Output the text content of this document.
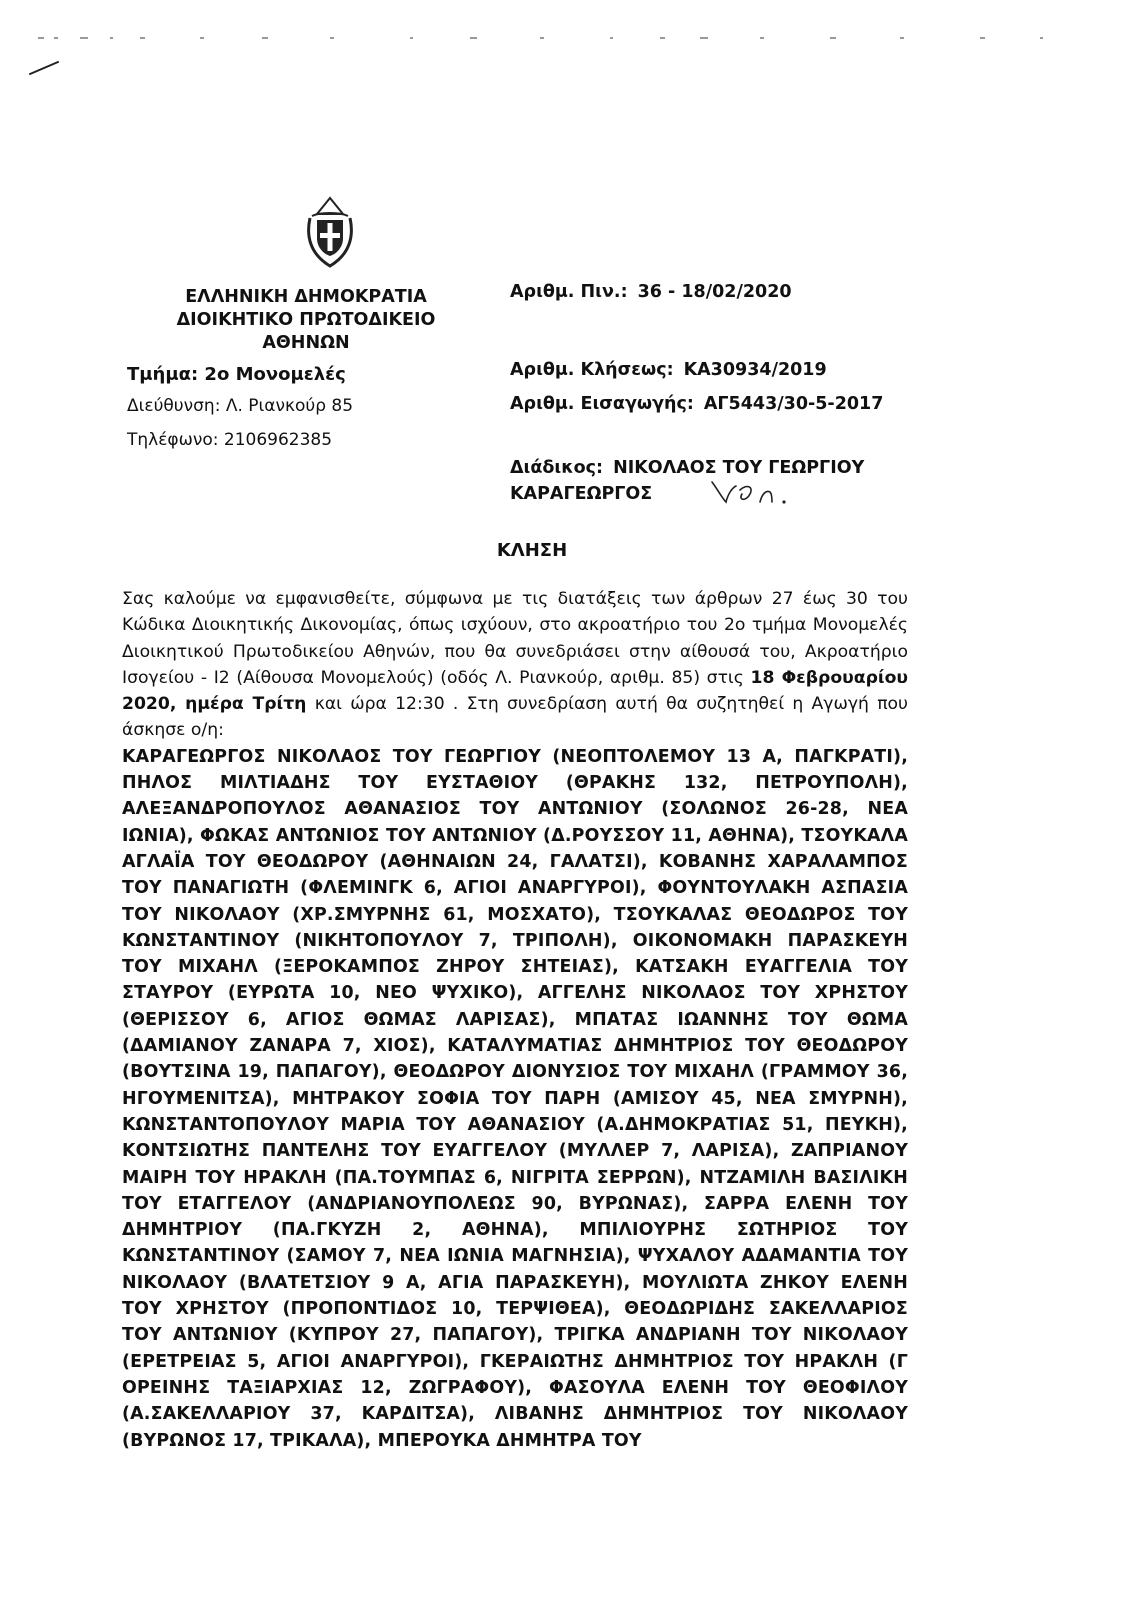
ΕΛΛΗΝΙΚΗ ΔΗΜΟΚΡΑΤΙΑ
ΔΙΟΙΚΗΤΙΚΟ ΠΡΩΤΟΔΙΚΕΙΟ
ΑΘΗΝΩΝ
Τμήμα: 2ο Μονομελές
Διεύθυνση: Λ. Ριανκούρ 85
Τηλέφωνο: 2106962385
Αριθμ. Πιν.: 36 - 18/02/2020
Αριθμ. Κλήσεως: ΚΑ30934/2019
Αριθμ. Εισαγωγής: ΑΓ5443/30-5-2017
Διάδικος: ΝΙΚΟΛΑΟΣ ΤΟΥ ΓΕΩΡΓΙΟΥ
ΚΑΡΑΓΕΩΡΓΟΣ
ΚΛΗΣΗ

Σας καλούμε να εμφανισθείτε, σύμφωνα με τις διατάξεις των άρθρων 27 έως 30 του Κώδικα Διοικητικής Δικονομίας, όπως ισχύουν, στο ακροατήριο του 2ο τμήμα Μονομελές Διοικητικού Πρωτοδικείου Αθηνών, που θα συνεδριάσει στην αίθουσά του, Ακροατήριο Ισογείου - Ι2 (Αίθουσα Μονομελούς) (οδός Λ. Ριανκούρ, αριθμ. 85) στις 18 Φεβρουαρίου 2020, ημέρα Τρίτη και ώρα 12:30 . Στη συνεδρίαση αυτή θα συζητηθεί η Αγωγή που άσκησε ο/η:

ΚΑΡΑΓΕΩΡΓΟΣ ΝΙΚΟΛΑΟΣ ΤΟΥ ΓΕΩΡΓΙΟΥ (ΝΕΟΠΤΟΛΕΜΟΥ 13 Α, ΠΑΓΚΡΑΤΙ), ΠΗΛΟΣ ΜΙΛΤΙΑΔΗΣ ΤΟΥ ΕΥΣΤΑΘΙΟΥ (ΘΡΑΚΗΣ 132, ΠΕΤΡΟΥΠΟΛΗ), ΑΛΕΞΑΝΔΡΟΠΟΥΛΟΣ ΑΘΑΝΑΣΙΟΣ ΤΟΥ ΑΝΤΩΝΙΟΥ (ΣΟΛΩΝΟΣ 26-28, ΝΕΑ ΙΩΝΙΑ), ΦΩΚΑΣ ΑΝΤΩΝΙΟΣ ΤΟΥ ΑΝΤΩΝΙΟΥ (Δ.ΡΟΥΣΣΟΥ 11, ΑΘΗΝΑ), ΤΣΟΥΚΑΛΑ ΑΓΛΑΪΑ ΤΟΥ ΘΕΟΔΩΡΟΥ (ΑΘΗΝΑΙΩΝ 24, ΓΑΛΑΤΣΙ), ΚΟΒΑΝΗΣ ΧΑΡΑΛΑΜΠΟΣ ΤΟΥ ΠΑΝΑΓΙΩΤΗ (ΦΛΕΜΙΝΓΚ 6, ΑΓΙΟΙ ΑΝΑΡΓΥΡΟΙ), ΦΟΥΝΤΟΥΛΑΚΗ ΑΣΠΑΣΙΑ ΤΟΥ ΝΙΚΟΛΑΟΥ (ΧΡ.ΣΜΥΡΝΗΣ 61, ΜΟΣΧΑΤΟ), ΤΣΟΥΚΑΛΑΣ ΘΕΟΔΩΡΟΣ ΤΟΥ ΚΩΝΣΤΑΝΤΙΝΟΥ (ΝΙΚΗΤΟΠΟΥΛΟΥ 7, ΤΡΙΠΟΛΗ), ΟΙΚΟΝΟΜΑΚΗ ΠΑΡΑΣΚΕΥΗ ΤΟΥ ΜΙΧΑΗΛ (ΞΕΡΟΚΑΜΠΟΣ ΖΗΡΟΥ ΣΗΤΕΙΑΣ), ΚΑΤΣΑΚΗ ΕΥΑΓΓΕΛΙΑ ΤΟΥ ΣΤΑΥΡΟΥ (ΕΥΡΩΤΑ 10, ΝΕΟ ΨΥΧΙΚΟ), ΑΓΓΕΛΗΣ ΝΙΚΟΛΑΟΣ ΤΟΥ ΧΡΗΣΤΟΥ (ΘΕΡΙΣΣΟΥ 6, ΑΓΙΟΣ ΘΩΜΑΣ ΛΑΡΙΣΑΣ), ΜΠΑΤΑΣ ΙΩΑΝΝΗΣ ΤΟΥ ΘΩΜΑ (ΔΑΜΙΑΝΟΥ ΖΑΝΑΡΑ 7, ΧΙΟΣ), ΚΑΤΑΛΥΜΑΤΙΑΣ ΔΗΜΗΤΡΙΟΣ ΤΟΥ ΘΕΟΔΩΡΟΥ (ΒΟΥΤΣΙΝΑ 19, ΠΑΠΑΓΟΥ), ΘΕΟΔΩΡΟΥ ΔΙΟΝΥΣΙΟΣ ΤΟΥ ΜΙΧΑΗΛ (ΓΡΑΜΜΟΥ 36, ΗΓΟΥΜΕΝΙΤΣΑ), ΜΗΤΡΑΚΟΥ ΣΟΦΙΑ ΤΟΥ ΠΑΡΗ (ΑΜΙΣΟΥ 45, ΝΕΑ ΣΜΥΡΝΗ), ΚΩΝΣΤΑΝΤΟΠΟΥΛΟΥ ΜΑΡΙΑ ΤΟΥ ΑΘΑΝΑΣΙΟΥ (Α.ΔΗΜΟΚΡΑΤΙΑΣ 51, ΠΕΥΚΗ), ΚΟΝΤΣΙΩΤΗΣ ΠΑΝΤΕΛΗΣ ΤΟΥ ΕΥΑΓΓΕΛΟΥ (ΜΥΛΛΕΡ 7, ΛΑΡΙΣΑ), ΖΑΠΡΙΑΝΟΥ ΜΑΙΡΗ ΤΟΥ ΗΡΑΚΛΗ (ΠΑ.ΤΟΥΜΠΑΣ 6, ΝΙΓΡΙΤΑ ΣΕΡΡΩΝ), ΝΤΖΑΜΙΛΗ ΒΑΣΙΛΙΚΗ ΤΟΥ ΕΤΑΓΓΕΛΟΥ (ΑΝΔΡΙΑΝΟΥΠΟΛΕΩΣ 90, ΒΥΡΩΝΑΣ), ΣΑΡΡΑ ΕΛΕΝΗ ΤΟΥ ΔΗΜΗΤΡΙΟΥ (ΠΑ.ΓΚΥΖΗ 2, ΑΘΗΝΑ), ΜΠΙΛΙΟΥΡΗΣ ΣΩΤΗΡΙΟΣ ΤΟΥ ΚΩΝΣΤΑΝΤΙΝΟΥ (ΣΑΜΟΥ 7, ΝΕΑ ΙΩΝΙΑ ΜΑΓΝΗΣΙΑ), ΨΥΧΑΛΟΥ ΑΔΑΜΑΝΤΙΑ ΤΟΥ ΝΙΚΟΛΑΟΥ (ΒΛΑΤΕΤΣΙΟΥ 9 Α, ΑΓΙΑ ΠΑΡΑΣΚΕΥΗ), ΜΟΥΛΙΩΤΑ ΖΗΚΟΥ ΕΛΕΝΗ ΤΟΥ ΧΡΗΣΤΟΥ (ΠΡΟΠΟΝΤΙΔΟΣ 10, ΤΕΡΨΙΘΕΑ), ΘΕΟΔΩΡΙΔΗΣ ΣΑΚΕΛΛΑΡΙΟΣ ΤΟΥ ΑΝΤΩΝΙΟΥ (ΚΥΠΡΟΥ 27, ΠΑΠΑΓΟΥ), ΤΡΙΓΚΑ ΑΝΔΡΙΑΝΗ ΤΟΥ ΝΙΚΟΛΑΟΥ (ΕΡΕΤΡΕΙΑΣ 5, ΑΓΙΟΙ ΑΝΑΡΓΥΡΟΙ), ΓΚΕΡΑΙΩΤΗΣ ΔΗΜΗΤΡΙΟΣ ΤΟΥ ΗΡΑΚΛΗ (Γ ΟΡΕΙΝΗΣ ΤΑΞΙΑΡΧΙΑΣ 12, ΖΩΓΡΑΦΟΥ), ΦΑΣΟΥΛΑ ΕΛΕΝΗ ΤΟΥ ΘΕΟΦΙΛΟΥ (Α.ΣΑΚΕΛΛΑΡΙΟΥ 37, ΚΑΡΔΙΤΣΑ), ΛΙΒΑΝΗΣ ΔΗΜΗΤΡΙΟΣ ΤΟΥ ΝΙΚΟΛΑΟΥ (ΒΥΡΩΝΟΣ 17, ΤΡΙΚΑΛΑ), ΜΠΕΡΟΥΚΑ ΔΗΜΗΤΡΑ ΤΟΥ
